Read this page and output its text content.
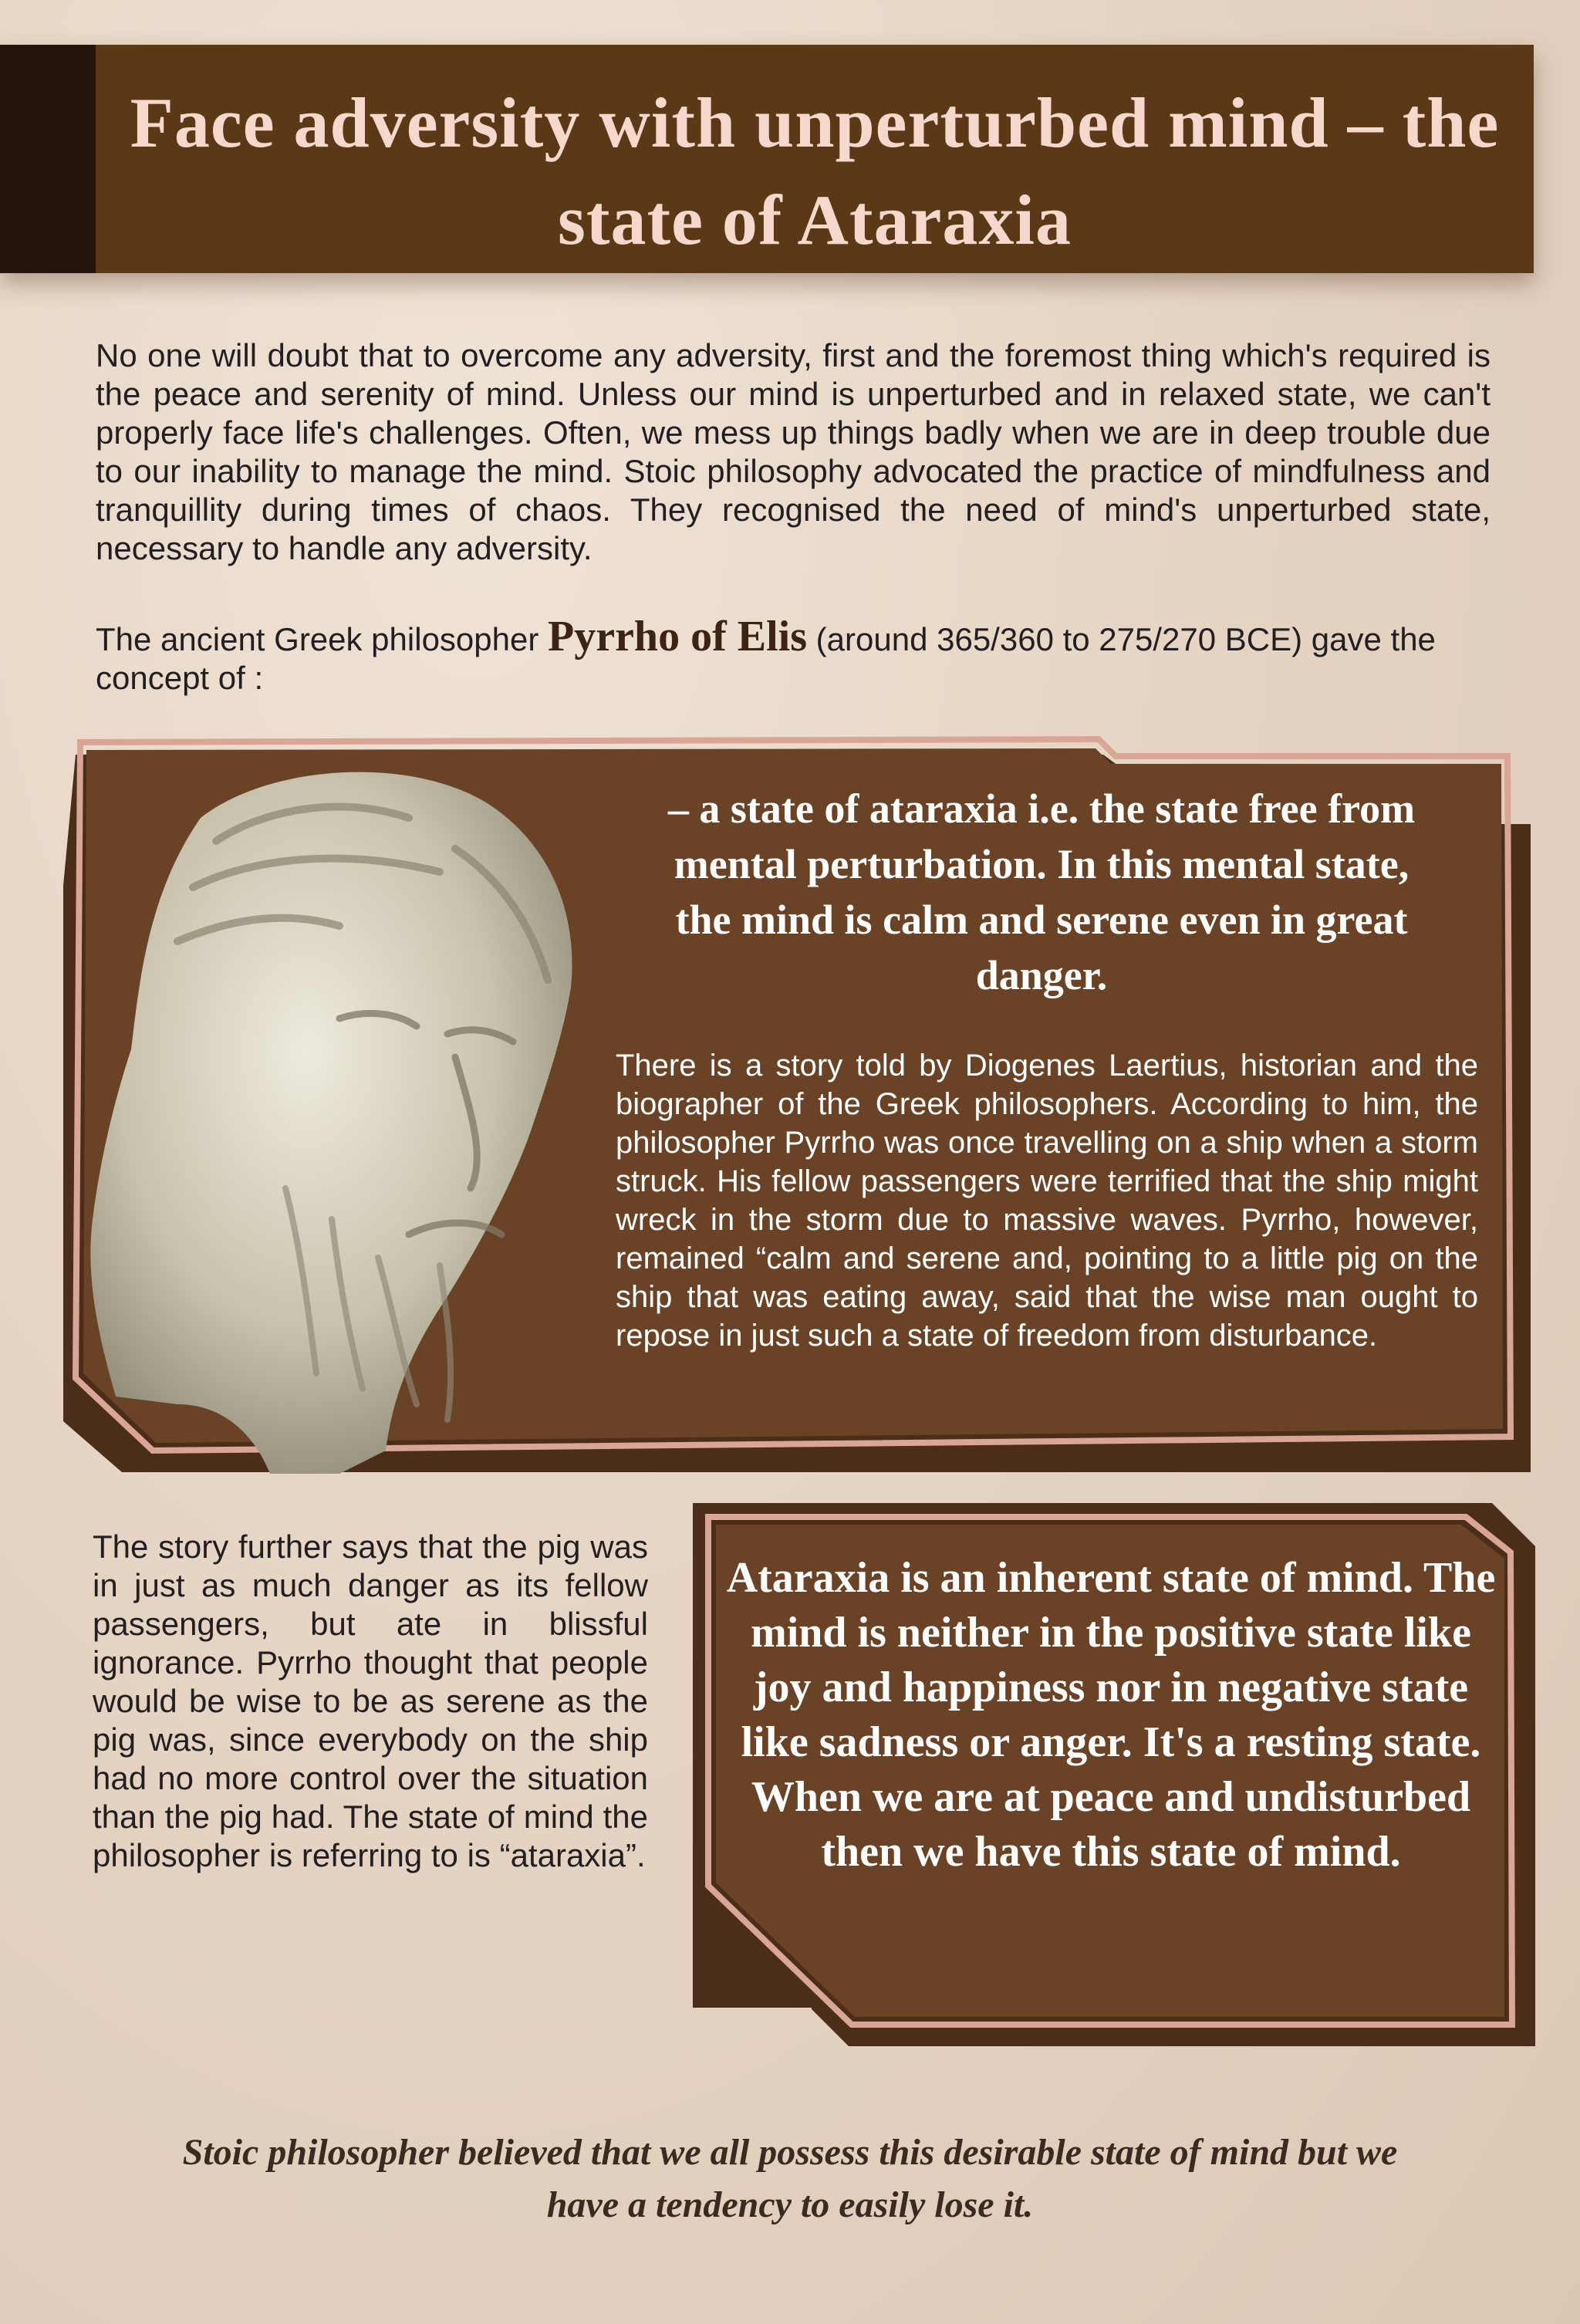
Face adversity with unperturbed mind – the state of Ataraxia

No one will doubt that to overcome any adversity, first and the foremost thing which's required is the peace and serenity of mind. Unless our mind is unperturbed and in relaxed state, we can't properly face life's challenges. Often, we mess up things badly when we are in deep trouble due to our inability to manage the mind. Stoic philosophy advocated the practice of mindfulness and tranquillity during times of chaos. They recognised the need of mind's unperturbed state, necessary to handle any adversity.

The ancient Greek philosopher Pyrrho of Elis (around 365/360 to 275/270 BCE) gave the concept of :

– a state of ataraxia i.e. the state free from mental perturbation. In this mental state, the mind is calm and serene even in great danger.

There is a story told by Diogenes Laertius, historian and the biographer of the Greek philosophers. According to him, the philosopher Pyrrho was once travelling on a ship when a storm struck. His fellow passengers were terrified that the ship might wreck in the storm due to massive waves. Pyrrho, however, remained “calm and serene and, pointing to a little pig on the ship that was eating away, said that the wise man ought to repose in just such a state of freedom from disturbance.

The story further says that the pig was in just as much danger as its fellow passengers, but ate in blissful ignorance. Pyrrho thought that people would be wise to be as serene as the pig was, since everybody on the ship had no more control over the situation than the pig had. The state of mind the philosopher is referring to is “ataraxia”.

Ataraxia is an inherent state of mind. The mind is neither in the positive state like joy and happiness nor in negative state like sadness or anger. It's a resting state. When we are at peace and undisturbed then we have this state of mind.

Stoic philosopher believed that we all possess this desirable state of mind but we have a tendency to easily lose it.
